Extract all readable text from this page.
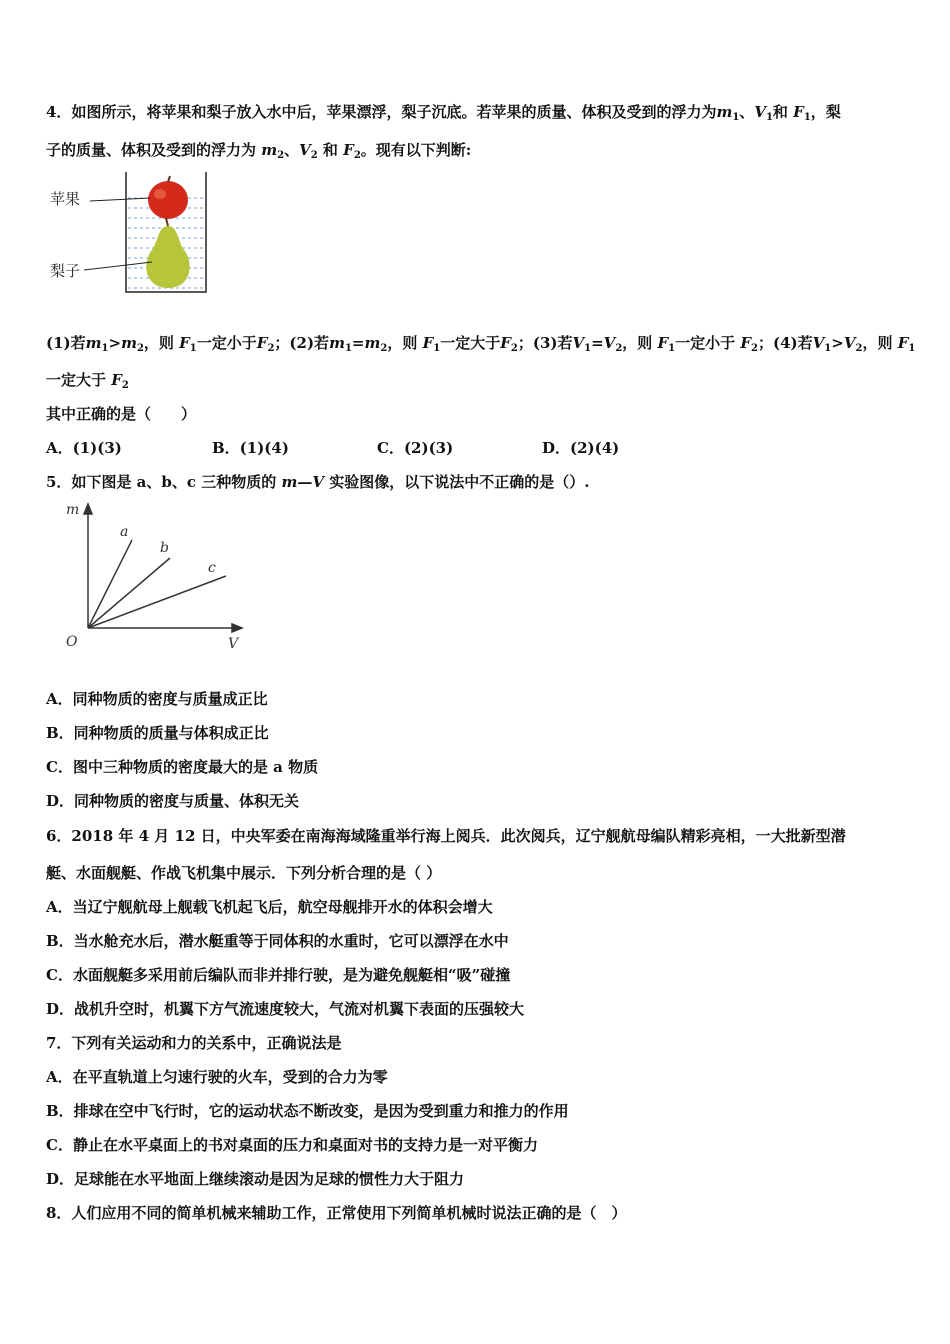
4．如图所示，将苹果和梨子放入水中后，苹果漂浮，梨子沉底。若苹果的质量、体积及受到的浮力为$m_1$、$V_1$和 $F_1$，梨
子的质量、体积及受到的浮力为 $m_2$、$V_2$ 和 $F_2$。现有以下判断:
苹果
梨子
(1)若$m_1>m_2$，则 $F_1$一定小于$F_2$；(2)若$m_1=m_2$，则 $F_1$一定大于$F_2$；(3)若$V_1=V_2$，则 $F_1$一定小于 $F_2$；(4)若$V_1>V_2$，则 $F_1$
一定大于 $F_2$
其中正确的是（　　）
A．(1)(3)	B．(1)(4)	C．(2)(3)	D．(2)(4)
5．如下图是 a、b、c 三种物质的 m—V 实验图像，以下说法中不正确的是（）.
m
V
O
a
b
c
A．同种物质的密度与质量成正比
B．同种物质的质量与体积成正比
C．图中三种物质的密度最大的是 a 物质
D．同种物质的密度与质量、体积无关
6．2018 年 4 月 12 日，中央军委在南海海域隆重举行海上阅兵．此次阅兵，辽宁舰航母编队精彩亮相，一大批新型潜
艇、水面舰艇、作战飞机集中展示．下列分析合理的是（ ）
A．当辽宁舰航母上舰载飞机起飞后，航空母舰排开水的体积会增大
B．当水舱充水后，潜水艇重等于同体积的水重时，它可以漂浮在水中
C．水面舰艇多采用前后编队而非并排行驶，是为避免舰艇相“吸”碰撞
D．战机升空时，机翼下方气流速度较大，气流对机翼下表面的压强较大
7．下列有关运动和力的关系中，正确说法是
A．在平直轨道上匀速行驶的火车，受到的合力为零
B．排球在空中飞行时，它的运动状态不断改变，是因为受到重力和推力的作用
C．静止在水平桌面上的书对桌面的压力和桌面对书的支持力是一对平衡力
D．足球能在水平地面上继续滚动是因为足球的惯性力大于阻力
8．人们应用不同的简单机械来辅助工作，正常使用下列简单机械时说法正确的是（　）
